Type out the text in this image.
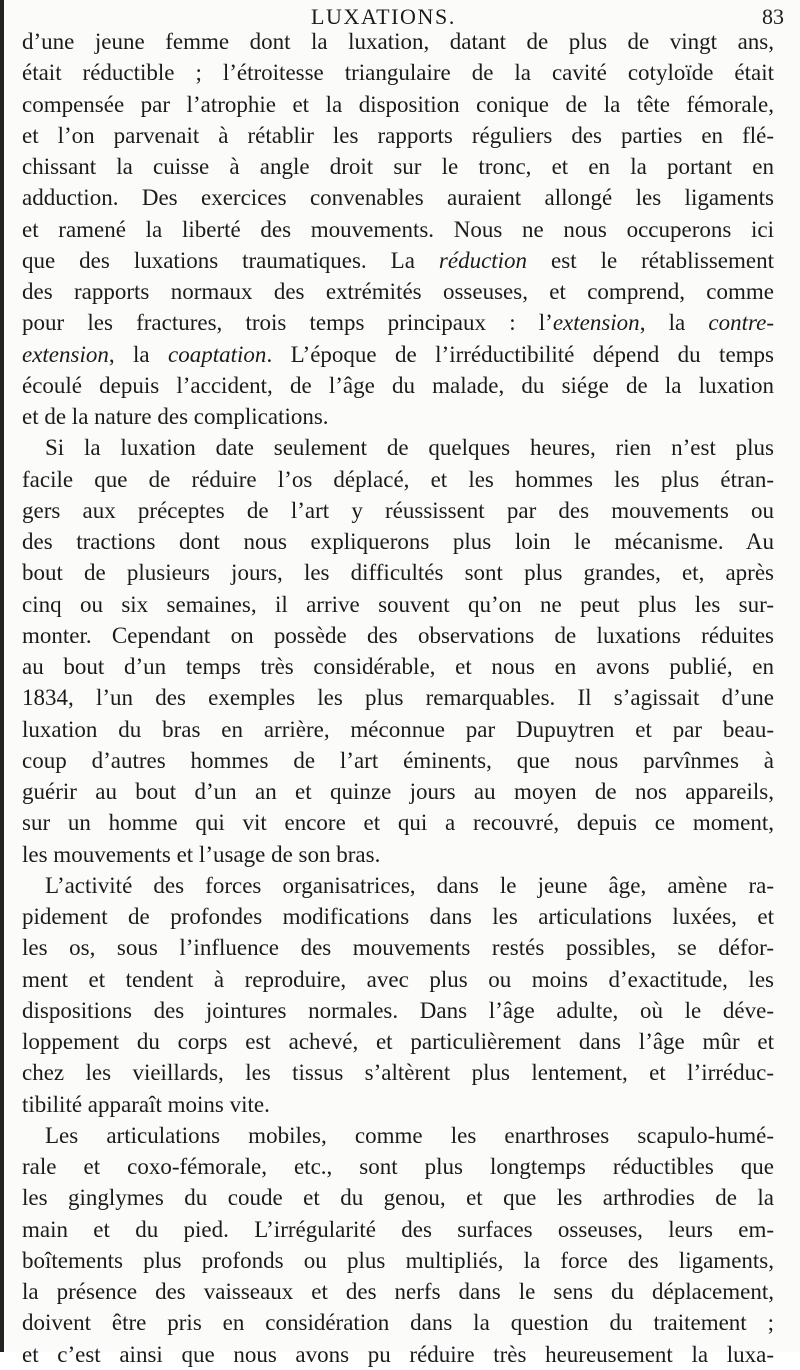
LUXATIONS.	83
d’une jeune femme dont la luxation, datant de plus de vingt ans,
était réductible ; l’étroitesse triangulaire de la cavité cotyloïde était
compensée par l’atrophie et la disposition conique de la tête fémorale,
et l’on parvenait à rétablir les rapports réguliers des parties en flé-
chissant la cuisse à angle droit sur le tronc, et en la portant en
adduction. Des exercices convenables auraient allongé les ligaments
et ramené la liberté des mouvements. Nous ne nous occuperons ici
que des luxations traumatiques. La réduction est le rétablissement
des rapports normaux des extrémités osseuses, et comprend, comme
pour les fractures, trois temps principaux : l’extension, la contre-
extension, la coaptation. L’époque de l’irréductibilité dépend du temps
écoulé depuis l’accident, de l’âge du malade, du siége de la luxation
et de la nature des complications.
Si la luxation date seulement de quelques heures, rien n’est plus
facile que de réduire l’os déplacé, et les hommes les plus étran-
gers aux préceptes de l’art y réussissent par des mouvements ou
des tractions dont nous expliquerons plus loin le mécanisme. Au
bout de plusieurs jours, les difficultés sont plus grandes, et, après
cinq ou six semaines, il arrive souvent qu’on ne peut plus les sur-
monter. Cependant on possède des observations de luxations réduites
au bout d’un temps très considérable, et nous en avons publié, en
1834, l’un des exemples les plus remarquables. Il s’agissait d’une
luxation du bras en arrière, méconnue par Dupuytren et par beau-
coup d’autres hommes de l’art éminents, que nous parvînmes à
guérir au bout d’un an et quinze jours au moyen de nos appareils,
sur un homme qui vit encore et qui a recouvré, depuis ce moment,
les mouvements et l’usage de son bras.
L’activité des forces organisatrices, dans le jeune âge, amène ra-
pidement de profondes modifications dans les articulations luxées, et
les os, sous l’influence des mouvements restés possibles, se défor-
ment et tendent à reproduire, avec plus ou moins d’exactitude, les
dispositions des jointures normales. Dans l’âge adulte, où le déve-
loppement du corps est achevé, et particulièrement dans l’âge mûr et
chez les vieillards, les tissus s’altèrent plus lentement, et l’irréduc-
tibilité apparaît moins vite.
Les articulations mobiles, comme les enarthroses scapulo-humé-
rale et coxo-fémorale, etc., sont plus longtemps réductibles que
les ginglymes du coude et du genou, et que les arthrodies de la
main et du pied. L’irrégularité des surfaces osseuses, leurs em-
boîtements plus profonds ou plus multipliés, la force des ligaments,
la présence des vaisseaux et des nerfs dans le sens du déplacement,
doivent être pris en considération dans la question du traitement ;
et c’est ainsi que nous avons pu réduire très heureusement la luxa-
